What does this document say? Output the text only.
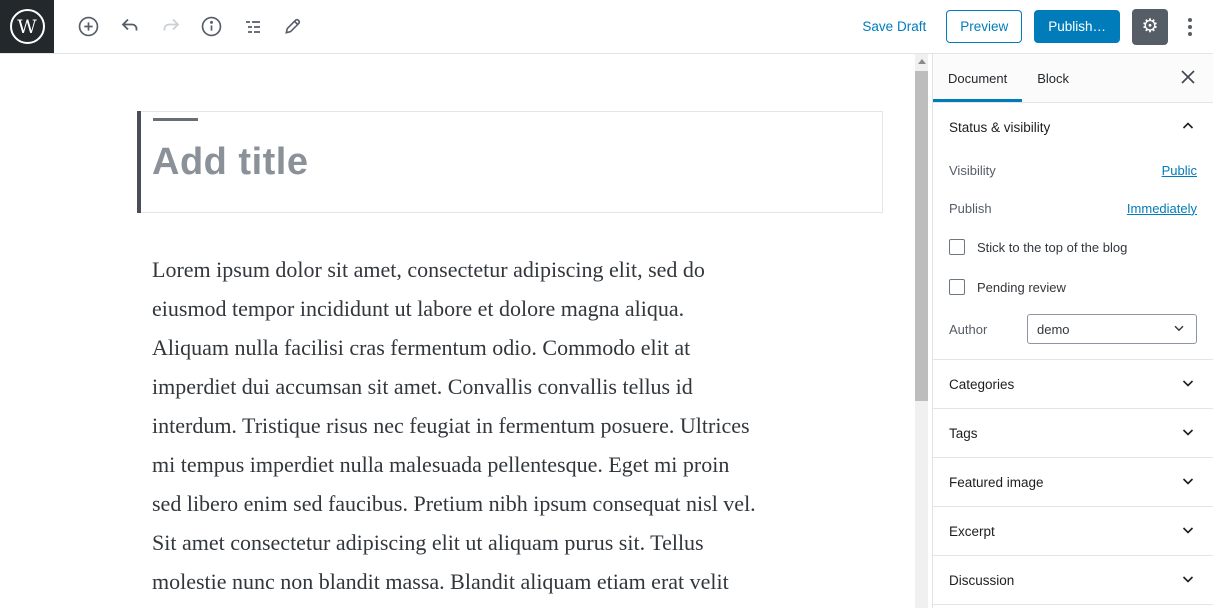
W	Save Draft	Preview	Publish…	⚙
Add title
Lorem ipsum dolor sit amet, consectetur adipiscing elit, sed do
eiusmod tempor incididunt ut labore et dolore magna aliqua.
Aliquam nulla facilisi cras fermentum odio. Commodo elit at
imperdiet dui accumsan sit amet. Convallis convallis tellus id
interdum. Tristique risus nec feugiat in fermentum posuere. Ultrices
mi tempus imperdiet nulla malesuada pellentesque. Eget mi proin
sed libero enim sed faucibus. Pretium nibh ipsum consequat nisl vel.
Sit amet consectetur adipiscing elit ut aliquam purus sit. Tellus
molestie nunc non blandit massa. Blandit aliquam etiam erat velit
Document	Block
Status & visibility
Visibility	Public
Publish	Immediately
Stick to the top of the blog
Pending review
Author	demo
Categories
Tags
Featured image
Excerpt
Discussion
